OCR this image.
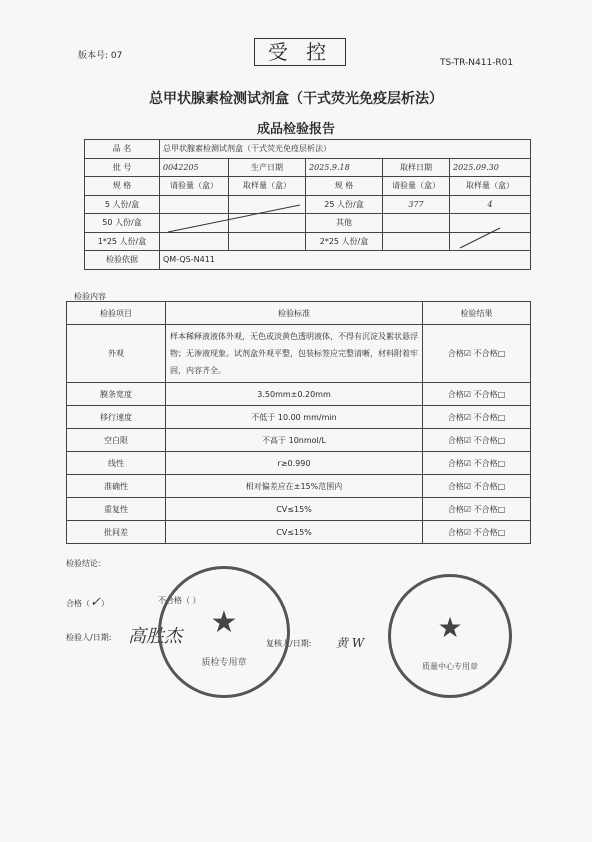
版本号: 07	受 控	TS-TR-N411-R01
总甲状腺素检测试剂盒（干式荧光免疫层析法）
成品检验报告
品 名	总甲状腺素检测试剂盒（干式荧光免疫层析法）				
批 号	0042205	生产日期	2025.9.18	取样日期	2025.09.30
规 格	请验量（盒）	取样量（盒）	规 格	请验量（盒）	取样量（盒）
5 人份/盒			25 人份/盒	377	4
50 人份/盒			其他		
1*25 人份/盒			2*25 人份/盒		
检验依据	QM-QS-N411				
检验内容
检验项目	检验标准	检验结果
外观	样本稀释液液体外观，无色或淡黄色透明液体，不得有沉淀及絮状悬浮物；无渗液现象。试剂盒外观平整，包装标签应完整清晰，材料附着牢固，内容齐全。	合格☑ 不合格□
膜条宽度	3.50mm±0.20mm	合格☑ 不合格□
移行速度	不低于 10.00 mm/min	合格☑ 不合格□
空白限	不高于 10nmol/L	合格☑ 不合格□
线性	r≥0.990	合格☑ 不合格□
准确性	相对偏差应在±15%范围内	合格☑ 不合格□
重复性	CV≤15%	合格☑ 不合格□
批间差	CV≤15%	合格☑ 不合格□
检验结论：
合格（✓）	不合格（ ）
检验人/日期: 高胜杰	复核人/日期: 黄 W
★
质检专用章
★
质量中心专用章
